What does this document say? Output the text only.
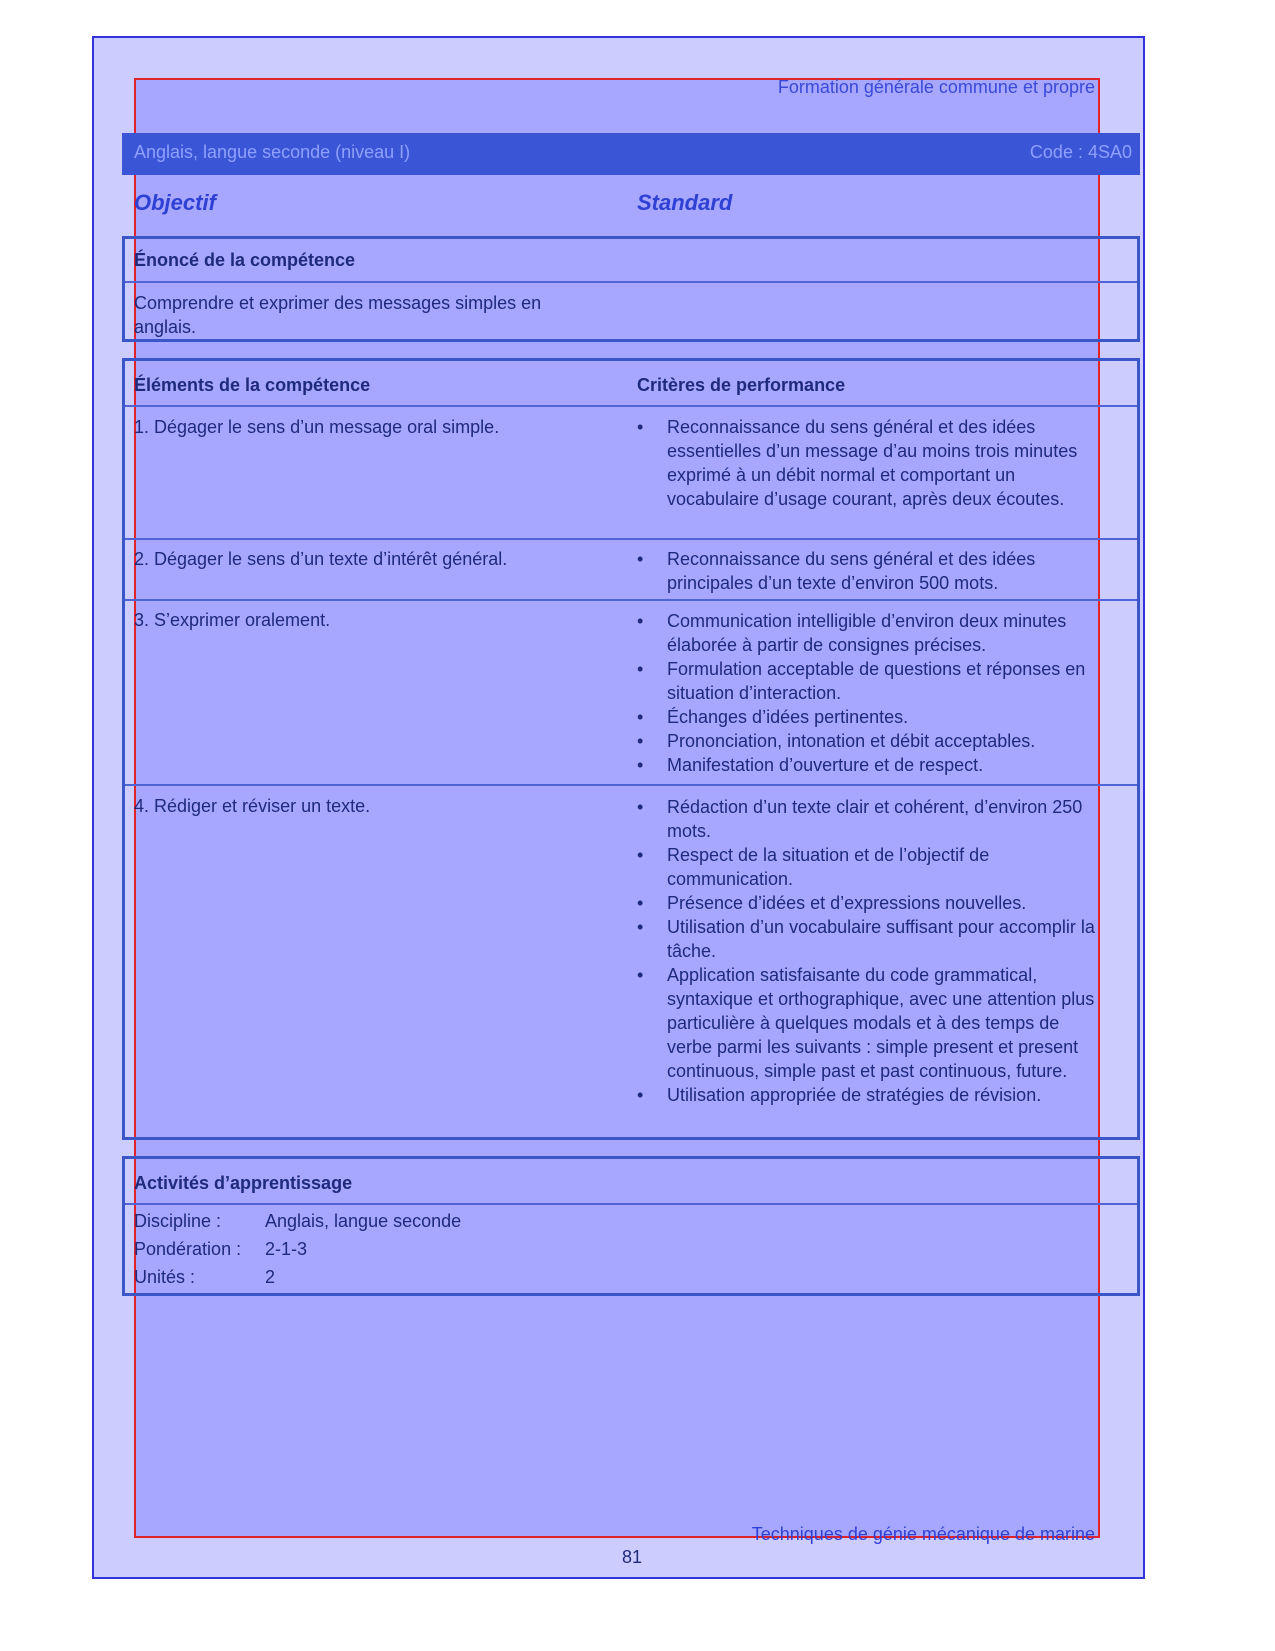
Formation générale commune et propre
Anglais, langue seconde (niveau I)	Code : 4SA0
Objectif	Standard
Énoncé de la compétence
Comprendre et exprimer des messages simples en
anglais.
Éléments de la compétence	Critères de performance
1. Dégager le sens d’un message oral simple.	• Reconnaissance du sens général et des idées essentielles d’un message d’au moins trois minutes exprimé à un débit normal et comportant un vocabulaire d’usage courant, après deux écoutes.
2. Dégager le sens d’un texte d’intérêt général.	• Reconnaissance du sens général et des idées principales d’un texte d’environ 500 mots.
3. S’exprimer oralement.	• Communication intelligible d’environ deux minutes élaborée à partir de consignes précises.
• Formulation acceptable de questions et réponses en situation d’interaction.
• Échanges d’idées pertinentes.
• Prononciation, intonation et débit acceptables.
• Manifestation d’ouverture et de respect.
4. Rédiger et réviser un texte.	• Rédaction d’un texte clair et cohérent, d’environ 250 mots.
• Respect de la situation et de l’objectif de communication.
• Présence d’idées et d’expressions nouvelles.
• Utilisation d’un vocabulaire suffisant pour accomplir la tâche.
• Application satisfaisante du code grammatical, syntaxique et orthographique, avec une attention plus particulière à quelques modals et à des temps de verbe parmi les suivants : simple present et present continuous, simple past et past continuous, future.
• Utilisation appropriée de stratégies de révision.
Activités d’apprentissage
Discipline : Anglais, langue seconde
Pondération : 2-1-3
Unités :	2
Techniques de génie mécanique de marine
81
